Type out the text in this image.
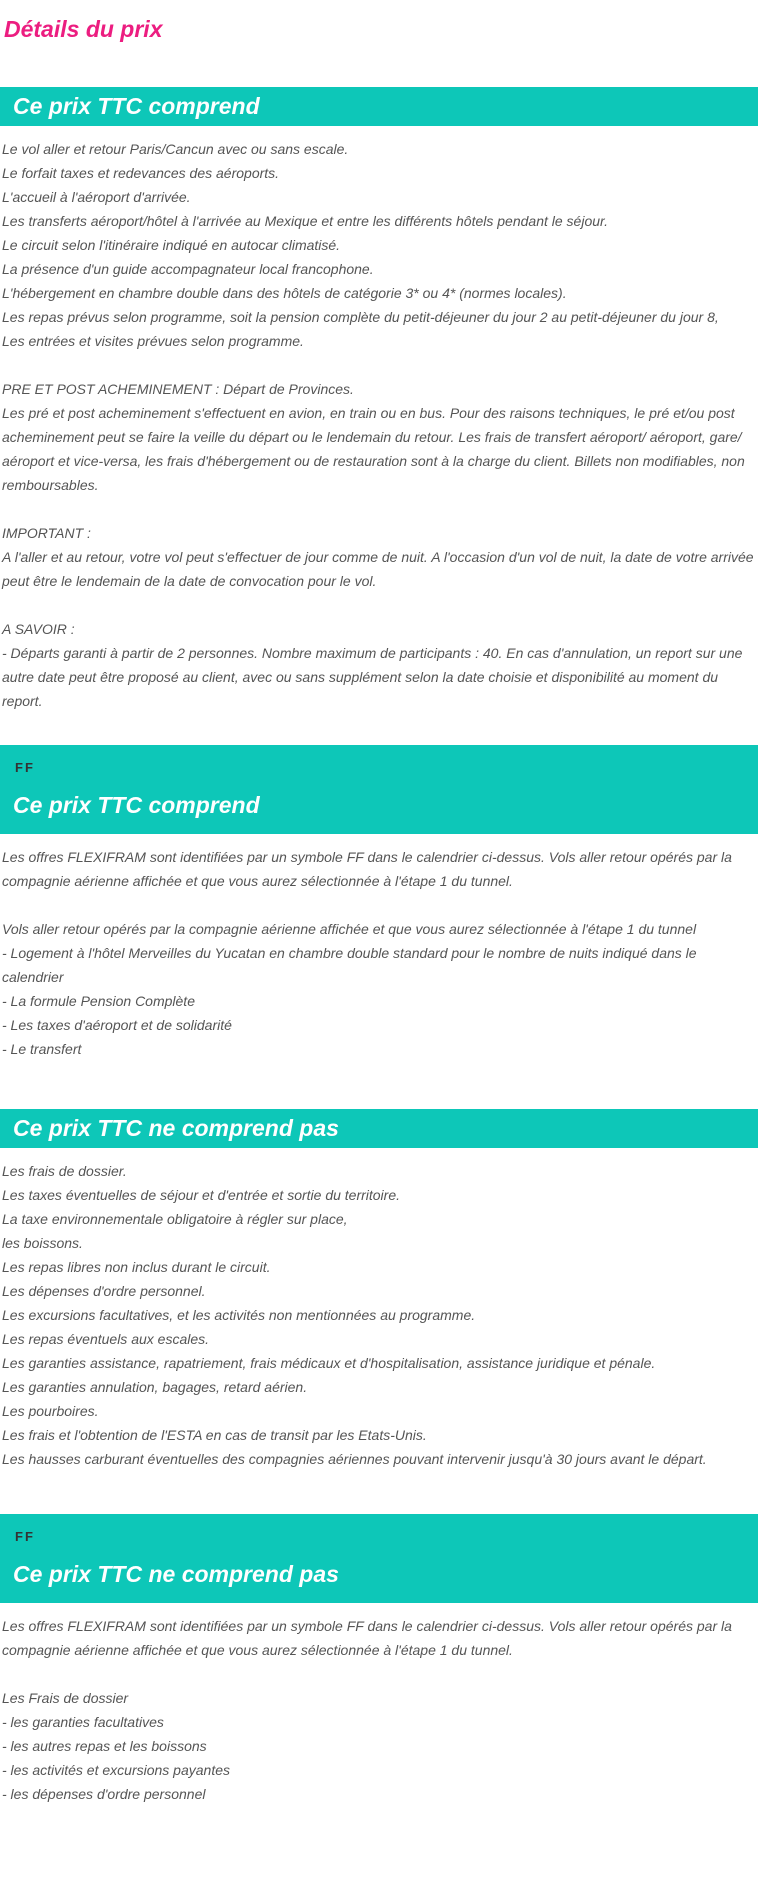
Détails du prix
Ce prix TTC comprend

Le vol aller et retour Paris/Cancun avec ou sans escale.

Le forfait taxes et redevances des aéroports.

L'accueil à l'aéroport d'arrivée.

Les transferts aéroport/hôtel à l'arrivée au Mexique et entre les différents hôtels pendant le séjour.

Le circuit selon l'itinéraire indiqué en autocar climatisé.

La présence d'un guide accompagnateur local francophone.

L'hébergement en chambre double dans des hôtels de catégorie 3* ou 4* (normes locales).

Les repas prévus selon programme, soit la pension complète du petit-déjeuner du jour 2 au petit-déjeuner du jour 8,

Les entrées et visites prévues selon programme.

PRE ET POST ACHEMINEMENT : Départ de Provinces.

Les pré et post acheminement s'effectuent en avion, en train ou en bus. Pour des raisons techniques, le pré et/ou post acheminement peut se faire la veille du départ ou le lendemain du retour. Les frais de transfert aéroport/ aéroport, gare/ aéroport et vice-versa, les frais d'hébergement ou de restauration sont à la charge du client. Billets non modifiables, non remboursables.

IMPORTANT :

A l'aller et au retour, votre vol peut s'effectuer de jour comme de nuit. A l'occasion d'un vol de nuit, la date de votre arrivée peut être le lendemain de la date de convocation pour le vol.

A SAVOIR :

- Départs garanti à partir de 2 personnes. Nombre maximum de participants : 40. En cas d'annulation, un report sur une autre date peut être proposé au client, avec ou sans supplément selon la date choisie et disponibilité au moment du report.

FF
Ce prix TTC comprend

Les offres FLEXIFRAM sont identifiées par un symbole FF dans le calendrier ci-dessus. Vols aller retour opérés par la compagnie aérienne affichée et que vous aurez sélectionnée à l'étape 1 du tunnel.

Vols aller retour opérés par la compagnie aérienne affichée et que vous aurez sélectionnée à l'étape 1 du tunnel

- Logement à l'hôtel Merveilles du Yucatan en chambre double standard pour le nombre de nuits indiqué dans le calendrier

- La formule Pension Complète

- Les taxes d'aéroport et de solidarité

- Le transfert

Ce prix TTC ne comprend pas

Les frais de dossier.

Les taxes éventuelles de séjour et d'entrée et sortie du territoire.

La taxe environnementale obligatoire à régler sur place,

les boissons.

Les repas libres non inclus durant le circuit.

Les dépenses d'ordre personnel.

Les excursions facultatives, et les activités non mentionnées au programme.

Les repas éventuels aux escales.

Les garanties assistance, rapatriement, frais médicaux et d'hospitalisation, assistance juridique et pénale.

Les garanties annulation, bagages, retard aérien.

Les pourboires.

Les frais et l'obtention de l'ESTA en cas de transit par les Etats-Unis.

Les hausses carburant éventuelles des compagnies aériennes pouvant intervenir jusqu'à 30 jours avant le départ.

FF
Ce prix TTC ne comprend pas

Les offres FLEXIFRAM sont identifiées par un symbole FF dans le calendrier ci-dessus. Vols aller retour opérés par la compagnie aérienne affichée et que vous aurez sélectionnée à l'étape 1 du tunnel.

Les Frais de dossier

- les garanties facultatives

- les autres repas et les boissons

- les activités et excursions payantes

- les dépenses d'ordre personnel
